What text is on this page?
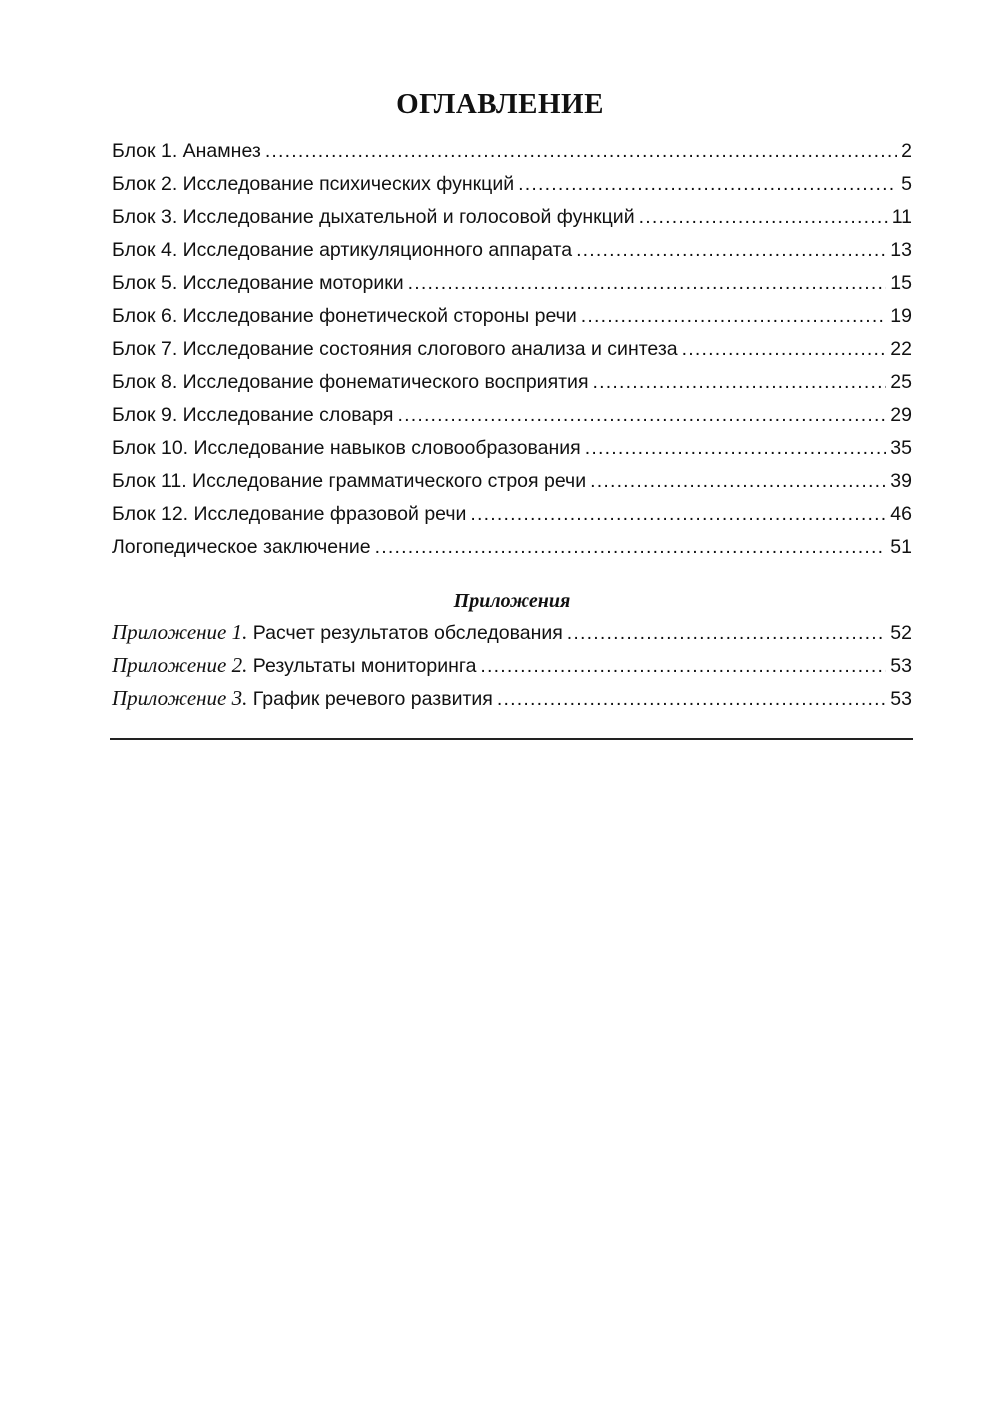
ОГЛАВЛЕНИЕ
Блок 1. Анамнез .....	2
Блок 2. Исследование психических функций .....	5
Блок 3. Исследование дыхательной и голосовой функций .....	11
Блок 4. Исследование артикуляционного аппарата .....	13
Блок 5. Исследование моторики .....	15
Блок 6. Исследование фонетической стороны речи .....	19
Блок 7. Исследование состояния слогового анализа и синтеза .....	22
Блок 8. Исследование фонематического восприятия .....	25
Блок 9. Исследование словаря .....	29
Блок 10. Исследование навыков словообразования .....	35
Блок 11. Исследование грамматического строя речи .....	39
Блок 12. Исследование фразовой речи .....	46
Логопедическое заключение .....	51
Приложения
Приложение 1. Расчет результатов обследования .....	52
Приложение 2. Результаты мониторинга .....	53
Приложение 3. График речевого развития .....	53
